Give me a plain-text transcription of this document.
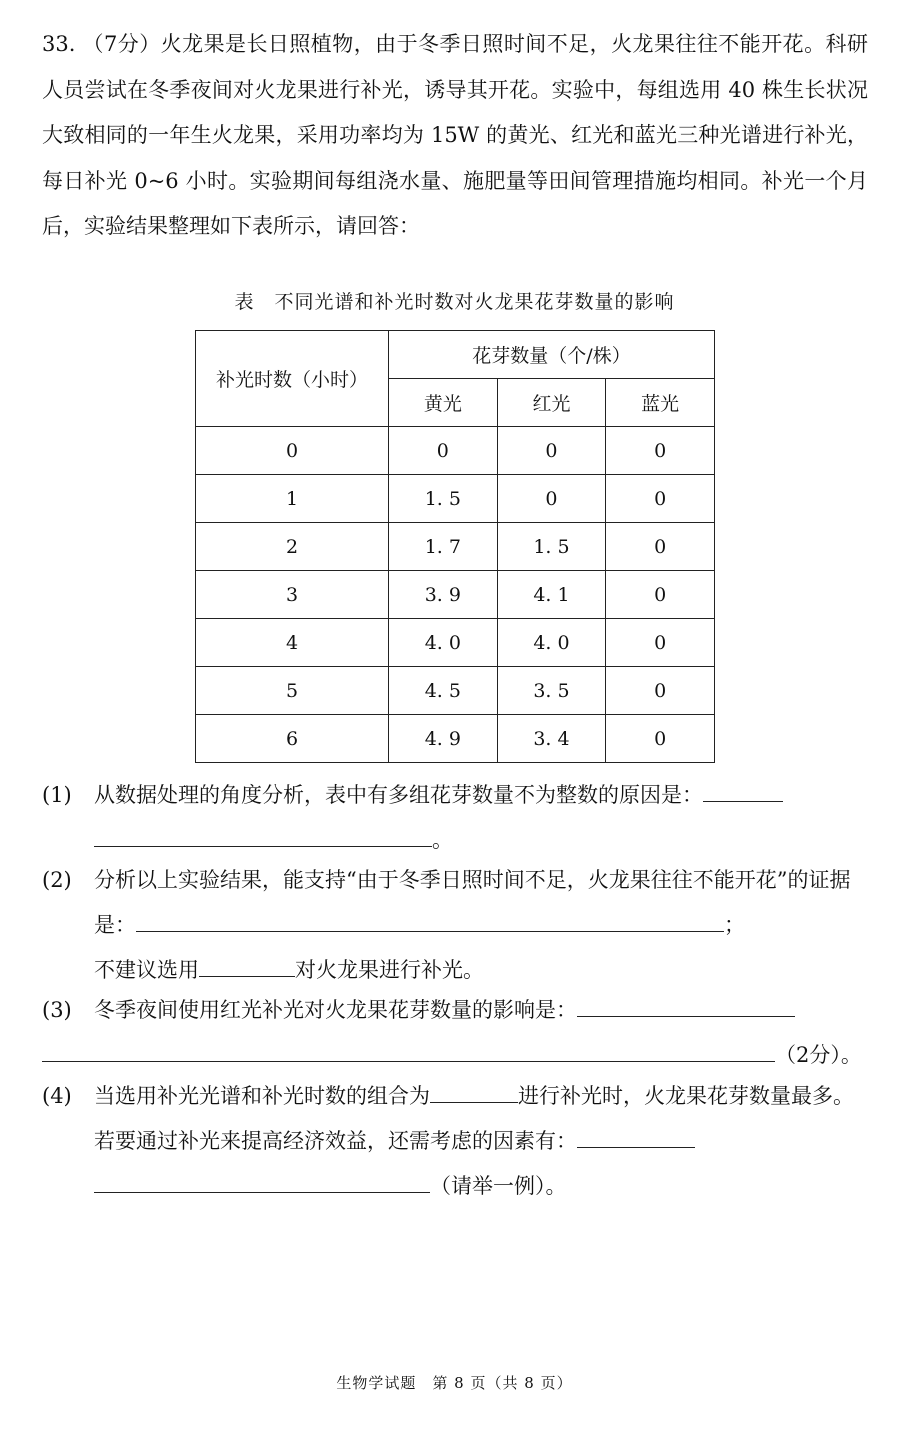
33. （7分）火龙果是长日照植物，由于冬季日照时间不足，火龙果往往不能开花。科研人员尝试在冬季夜间对火龙果进行补光，诱导其开花。实验中，每组选用 40 株生长状况大致相同的一年生火龙果，采用功率均为 15W 的黄光、红光和蓝光三种光谱进行补光，每日补光 0~6 小时。实验期间每组浇水量、施肥量等田间管理措施均相同。补光一个月后，实验结果整理如下表所示，请回答：
表　不同光谱和补光时数对火龙果花芽数量的影响
补光时数（小时）	花芽数量（个/株）		
	黄光	红光	蓝光
0	0	0	0
1	1. 5	0	0
2	1. 7	1. 5	0
3	3. 9	4. 1	0
4	4. 0	4. 0	0
5	4. 5	3. 5	0
6	4. 9	3. 4	0
(1)	从数据处理的角度分析，表中有多组花芽数量不为整数的原因是：
。
(2)	分析以上实验结果，能支持“由于冬季日照时间不足，火龙果往往不能开花”的证据是：	；
不建议选用	对火龙果进行补光。
(3)	冬季夜间使用红光补光对火龙果花芽数量的影响是：
（2分）。
(4)	当选用补光光谱和补光时数的组合为	进行补光时，火龙果花芽数量最多。若要通过补光来提高经济效益，还需考虑的因素有：
（请举一例）。
生物学试题　第 8 页（共 8 页）
